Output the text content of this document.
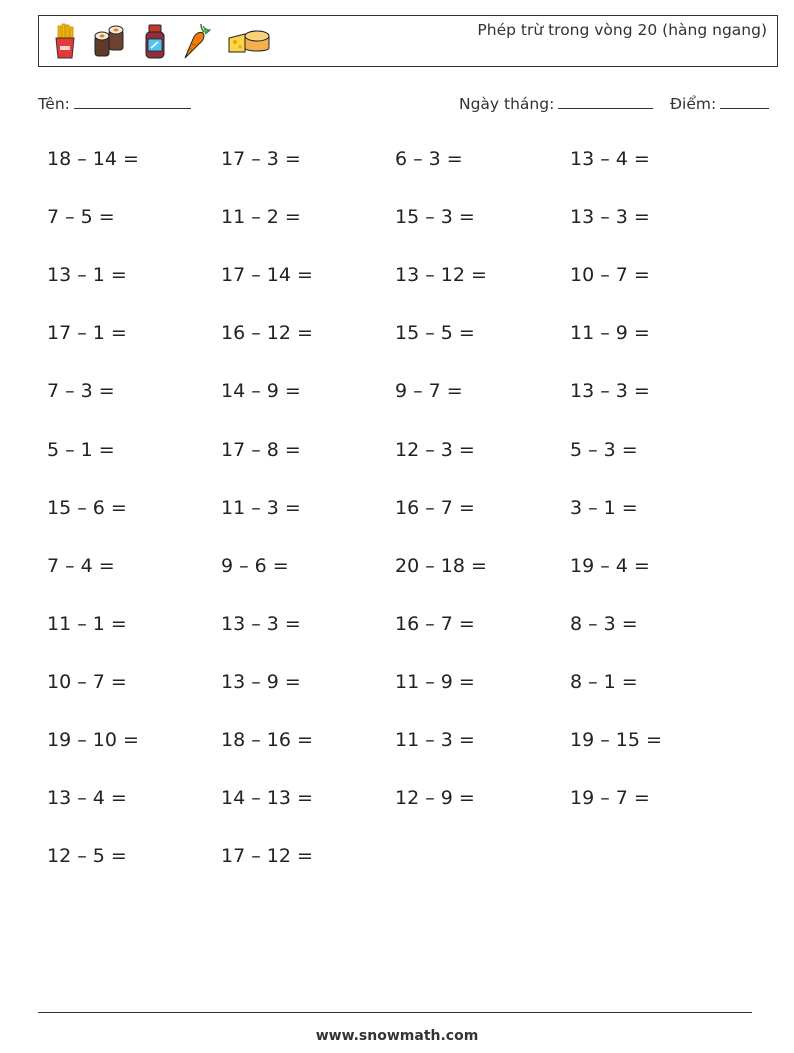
Phép trừ trong vòng 20 (hàng ngang)
Tên:	Ngày tháng:	Điểm:
18 – 14 =	17 – 3 =	6 – 3 =	13 – 4 =
7 – 5 =	11 – 2 =	15 – 3 =	13 – 3 =
13 – 1 =	17 – 14 =	13 – 12 =	10 – 7 =
17 – 1 =	16 – 12 =	15 – 5 =	11 – 9 =
7 – 3 =	14 – 9 =	9 – 7 =	13 – 3 =
5 – 1 =	17 – 8 =	12 – 3 =	5 – 3 =
15 – 6 =	11 – 3 =	16 – 7 =	3 – 1 =
7 – 4 =	9 – 6 =	20 – 18 =	19 – 4 =
11 – 1 =	13 – 3 =	16 – 7 =	8 – 3 =
10 – 7 =	13 – 9 =	11 – 9 =	8 – 1 =
19 – 10 =	18 – 16 =	11 – 3 =	19 – 15 =
13 – 4 =	14 – 13 =	12 – 9 =	19 – 7 =
12 – 5 =	17 – 12 =
www.snowmath.com
